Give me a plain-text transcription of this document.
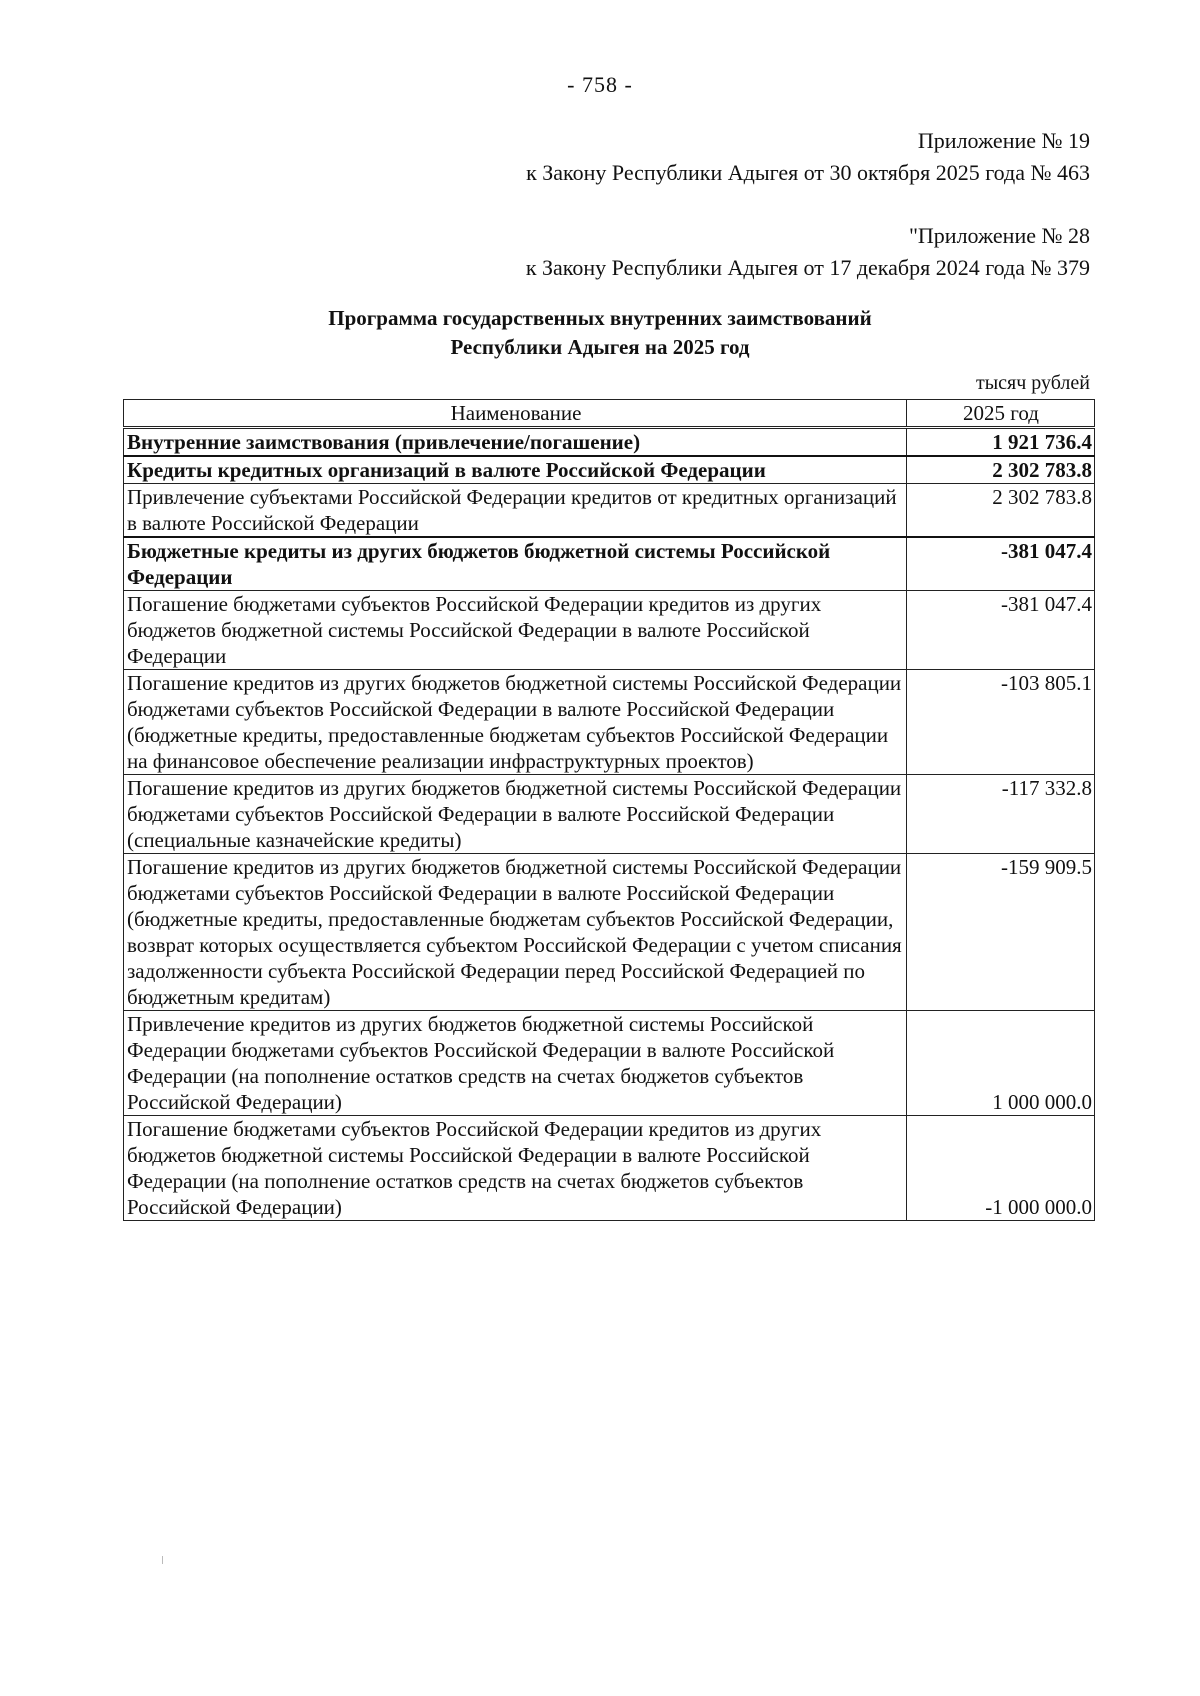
- 758 -
Приложение № 19
к Закону Республики Адыгея от 30 октября 2025 года № 463
"Приложение № 28
к Закону Республики Адыгея от 17 декабря 2024 года № 379
Программа государственных внутренних заимствований
Республики Адыгея на 2025 год
тысяч рублей
Наименование	2025 год
Внутренние заимствования (привлечение/погашение)	1 921 736.4
Кредиты кредитных организаций в валюте Российской Федерации	2 302 783.8
Привлечение субъектами Российской Федерации кредитов от кредитных организаций в валюте Российской Федерации	2 302 783.8
Бюджетные кредиты из других бюджетов бюджетной системы Российской Федерации	-381 047.4
Погашение бюджетами субъектов Российской Федерации кредитов из других бюджетов бюджетной системы Российской Федерации в валюте Российской Федерации	-381 047.4
Погашение кредитов из других бюджетов бюджетной системы Российской Федерации бюджетами субъектов Российской Федерации в валюте Российской Федерации (бюджетные кредиты, предоставленные бюджетам субъектов Российской Федерации на финансовое обеспечение реализации инфраструктурных проектов)	-103 805.1
Погашение кредитов из других бюджетов бюджетной системы Российской Федерации бюджетами субъектов Российской Федерации в валюте Российской Федерации (специальные казначейские кредиты)	-117 332.8
Погашение кредитов из других бюджетов бюджетной системы Российской Федерации бюджетами субъектов Российской Федерации в валюте Российской Федерации (бюджетные кредиты, предоставленные бюджетам субъектов Российской Федерации, возврат которых осуществляется субъектом Российской Федерации с учетом списания задолженности субъекта Российской Федерации перед Российской Федерацией по бюджетным кредитам)	-159 909.5
Привлечение кредитов из других бюджетов бюджетной системы Российской Федерации бюджетами субъектов Российской Федерации в валюте Российской Федерации (на пополнение остатков средств на счетах бюджетов субъектов Российской Федерации)	1 000 000.0
Погашение бюджетами субъектов Российской Федерации кредитов из других бюджетов бюджетной системы Российской Федерации в валюте Российской Федерации (на пополнение остатков средств на счетах бюджетов субъектов Российской Федерации)	-1 000 000.0
